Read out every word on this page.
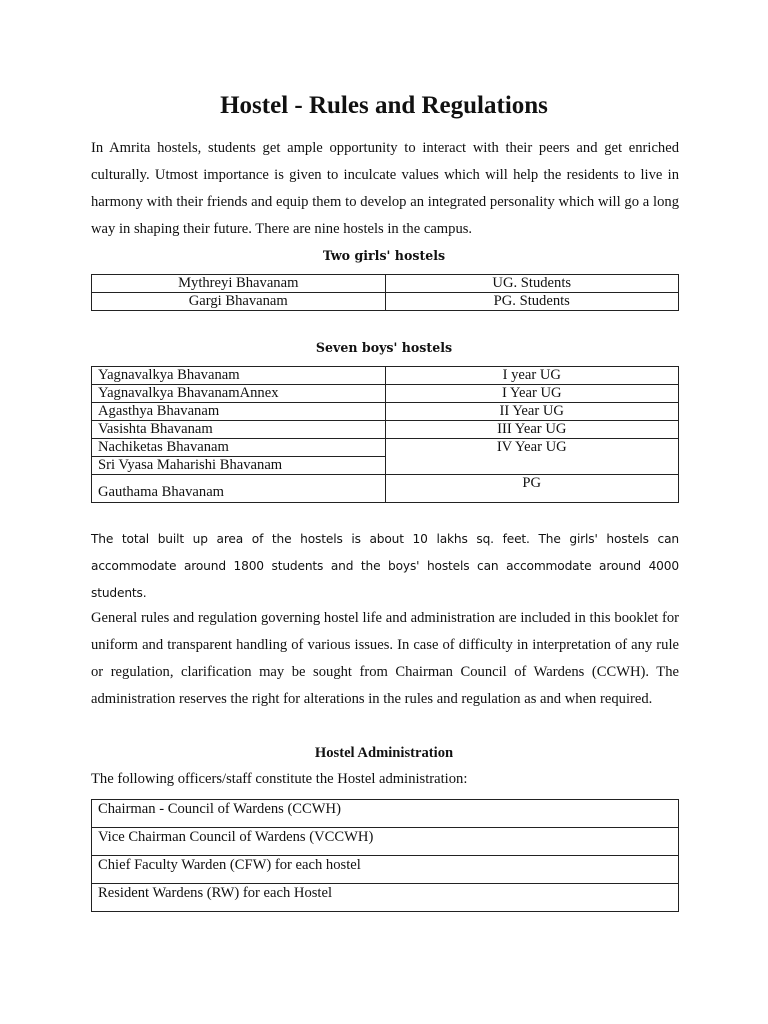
Hostel - Rules and Regulations

In Amrita hostels, students get ample opportunity to interact with their peers and get enriched culturally. Utmost importance is given to inculcate values which will help the residents to live in harmony with their friends and equip them to develop an integrated personality which will go a long way in shaping their future. There are nine hostels in the campus.

Two girls' hostels

Mythreyi Bhavanam	UG. Students
Gargi Bhavanam	PG. Students

Seven boys' hostels

Yagnavalkya Bhavanam	I year UG
Yagnavalkya BhavanamAnnex	I Year UG
Agasthya Bhavanam	II Year UG
Vasishta Bhavanam	III Year UG
Nachiketas Bhavanam	IV Year UG
Sri Vyasa Maharishi Bhavanam	
Gauthama Bhavanam	PG

The total built up area of the hostels is about 10 lakhs sq. feet. The girls' hostels can accommodate around 1800 students and the boys' hostels can accommodate around 4000 students.

General rules and regulation governing hostel life and administration are included in this booklet for uniform and transparent handling of various issues. In case of difficulty in interpretation of any rule or regulation, clarification may be sought from Chairman Council of Wardens (CCWH). The administration reserves the right for alterations in the rules and regulation as and when required.

Hostel Administration

The following officers/staff constitute the Hostel administration:

Chairman - Council of Wardens (CCWH)
Vice Chairman Council of Wardens (VCCWH)
Chief Faculty Warden (CFW) for each hostel
Resident Wardens (RW) for each Hostel
